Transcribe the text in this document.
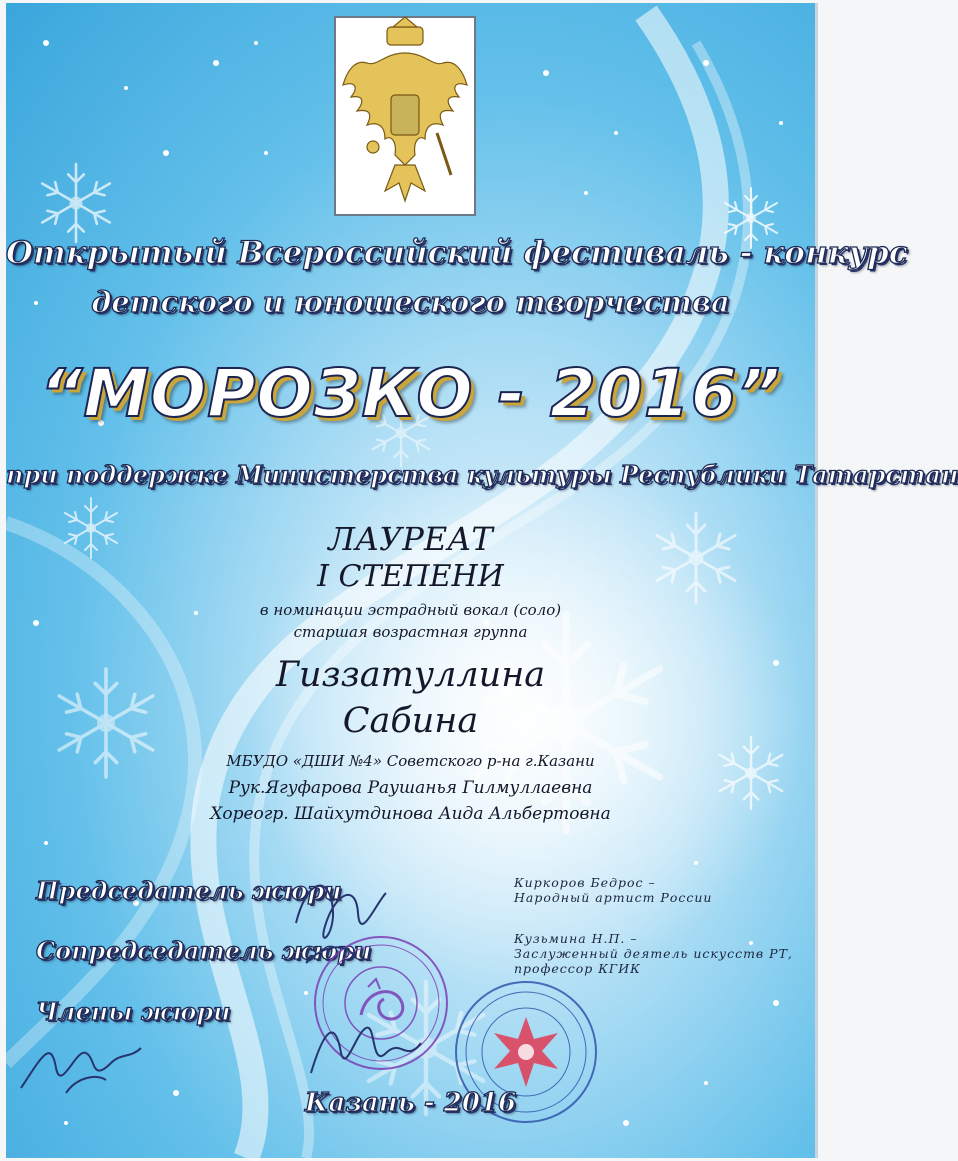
Открытый Всероссийский фестиваль - конкурс
детского и юношеского творчества
“МОРОЗКО - 2016”
при поддержке Министерства культуры Республики Татарстан
ЛАУРЕАТ
I СТЕПЕНИ
в номинации эстрадный вокал (соло)
старшая возрастная группа
Гиззатуллина
Сабина
МБУДО «ДШИ №4» Советского р-на г.Казани
Рук.Ягуфарова Раушанья Гилмуллаевна
Хореогр. Шайхутдинова Аида Альбертовна
Председатель жюри
Сопредседатель жюри
Члены жюри
Киркоров Бедрос –
Народный артист России
Кузьмина Н.П. –
Заслуженный деятель искусств РТ,
профессор КГИК
Казань - 2016
